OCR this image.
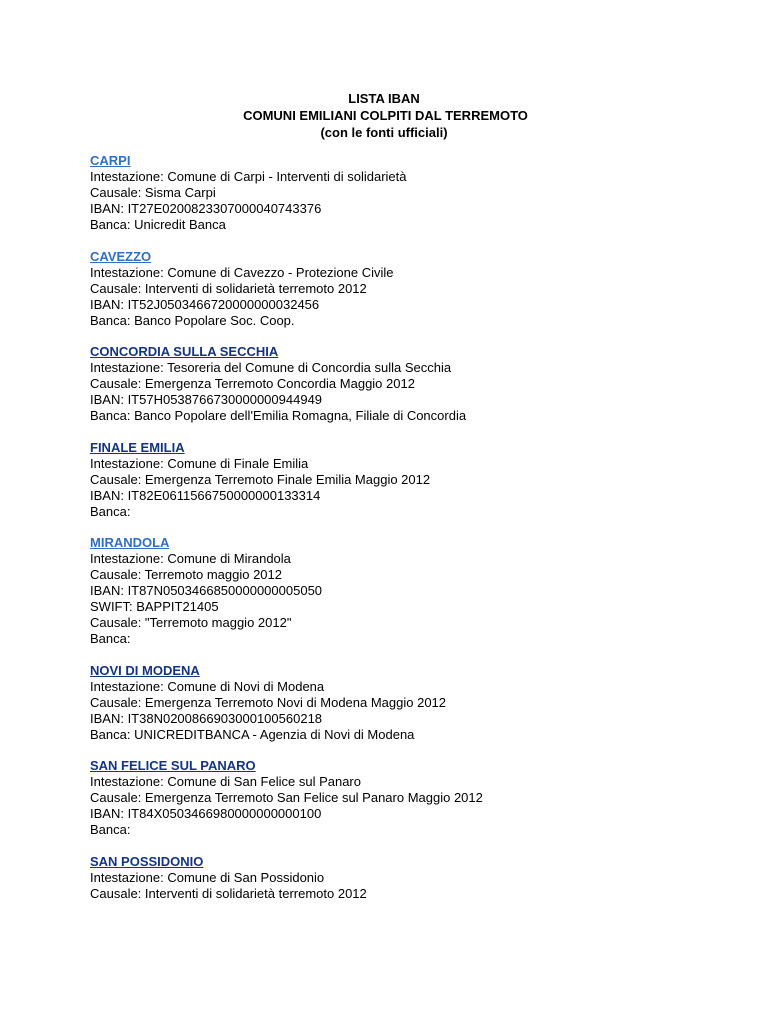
LISTA IBAN
COMUNI EMILIANI COLPITI DAL TERREMOTO
(con le fonti ufficiali)
CARPI
Intestazione: Comune di Carpi - Interventi di solidarietà
Causale: Sisma Carpi
IBAN: IT27E0200823307000040743376
Banca: Unicredit Banca
CAVEZZO
Intestazione: Comune di Cavezzo - Protezione Civile
Causale: Interventi di solidarietà terremoto 2012
IBAN: IT52J0503466720000000032456
Banca: Banco Popolare Soc. Coop.
CONCORDIA SULLA SECCHIA
Intestazione: Tesoreria del Comune di Concordia sulla Secchia
Causale: Emergenza Terremoto Concordia Maggio 2012
IBAN: IT57H0538766730000000944949
Banca: Banco Popolare dell'Emilia Romagna, Filiale di Concordia
FINALE EMILIA
Intestazione: Comune di Finale Emilia
Causale: Emergenza Terremoto Finale Emilia Maggio 2012
IBAN: IT82E0611566750000000133314
Banca:
MIRANDOLA
Intestazione: Comune di Mirandola
Causale: Terremoto maggio 2012
IBAN: IT87N0503466850000000005050
SWIFT: BAPPIT21405
Causale: "Terremoto maggio 2012"
Banca:
NOVI DI MODENA
Intestazione: Comune di Novi di Modena
Causale: Emergenza Terremoto Novi di Modena Maggio 2012
IBAN: IT38N0200866903000100560218
Banca: UNICREDITBANCA - Agenzia di Novi di Modena
SAN FELICE SUL PANARO
Intestazione: Comune di San Felice sul Panaro
Causale: Emergenza Terremoto San Felice sul Panaro Maggio 2012
IBAN: IT84X0503466980000000000100
Banca:
SAN POSSIDONIO
Intestazione: Comune di San Possidonio
Causale: Interventi di solidarietà terremoto 2012
